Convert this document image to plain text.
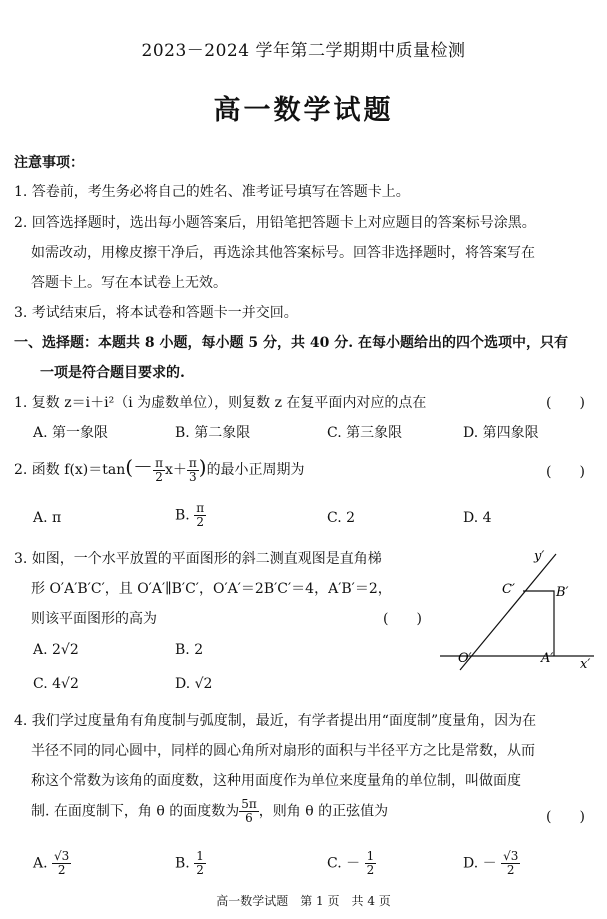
2023－2024 学年第二学期期中质量检测
高一数学试题
注意事项：
1. 答卷前，考生务必将自己的姓名、准考证号填写在答题卡上。
2. 回答选择题时，选出每小题答案后，用铅笔把答题卡上对应题目的答案标号涂黑。
如需改动，用橡皮擦干净后，再选涂其他答案标号。回答非选择题时，将答案写在
答题卡上。写在本试卷上无效。
3. 考试结束后，将本试卷和答题卡一并交回。
一、选择题：本题共 8 小题，每小题 5 分，共 40 分. 在每小题给出的四个选项中，只有
一项是符合题目要求的.
1. 复数 z＝i＋i²（i 为虚数单位），则复数 z 在复平面内对应的点在	(　　)
A. 第一象限	B. 第二象限	C. 第三象限	D. 第四象限
2. 函数 $f(x)=\tan(- \frac{\pi}{2} x+ \frac{\pi}{3}$ )的最小正周期为	(　　)
A. π	B. $\frac{\pi}{2}$	C. 2	D. 4
3. 如图，一个水平放置的平面图形的斜二测直观图是直角梯
形 O′A′B′C′，且 O′A′∥B′C′，O′A′＝2B′C′＝4，A′B′＝2，
则该平面图形的高为	(　　)
A. 2√2	B. 2
C. 4√2	D. √2
y′
x′
O′	A′
B′
C′
4. 我们学过度量角有角度制与弧度制，最近，有学者提出用“面度制”度量角，因为在
半径不同的同心圆中，同样的圆心角所对扇形的面积与半径平方之比是常数，从而
称这个常数为该角的面度数，这种用面度作为单位来度量角的单位制，叫做面度
制. 在面度制下，角 θ 的面度数为 $\frac{5\pi}{6}$ ，则角 θ 的正弦值为	(　　)
A. $\frac{√3}{2}$	B. $\frac{1}{2}$	C. － $\frac{1}{2}$	D. － $\frac{√3}{2}$
高一数学试题　第 1 页　共 4 页
